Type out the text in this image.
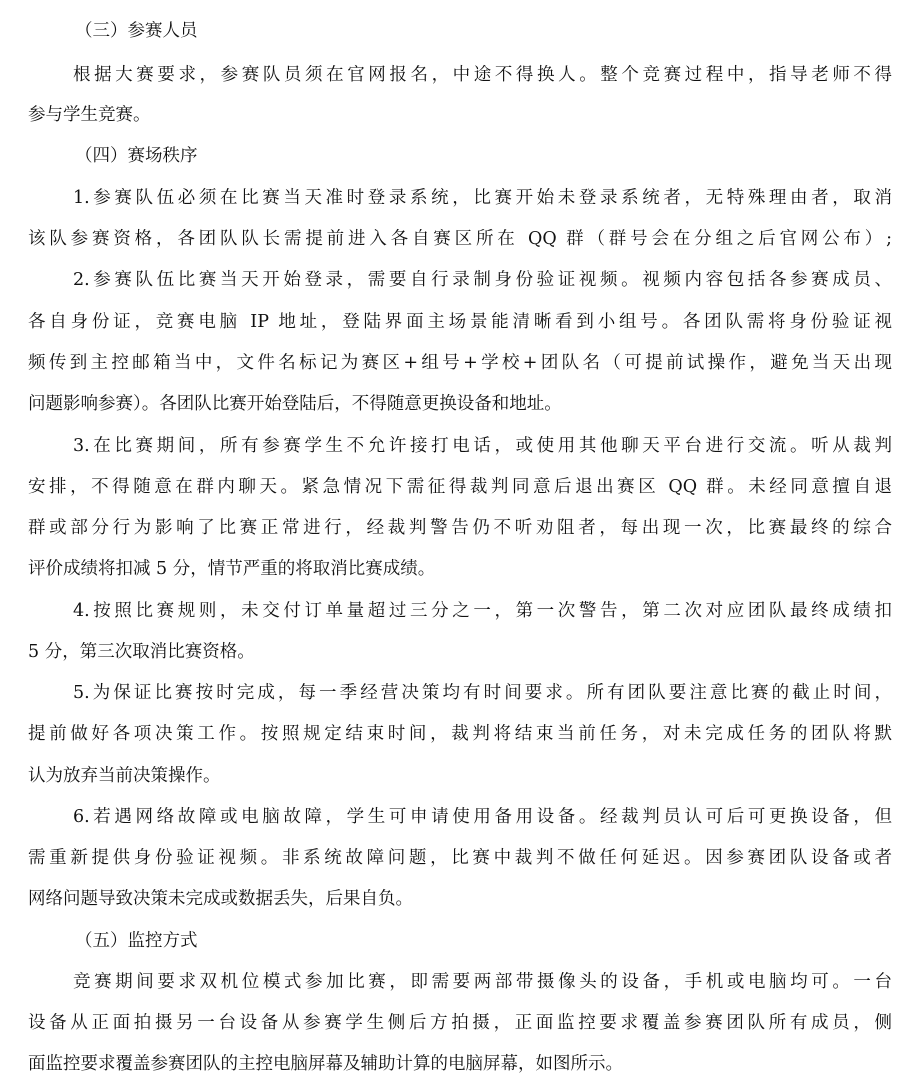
（三）参赛人员
根据大赛要求，参赛队员须在官网报名，中途不得换人。整个竞赛过程中，指导老师不得
参与学生竞赛。
（四）赛场秩序
1.参赛队伍必须在比赛当天准时登录系统，比赛开始未登录系统者，无特殊理由者，取消
该队参赛资格，各团队队长需提前进入各自赛区所在 QQ 群（群号会在分组之后官网公布）;
2.参赛队伍比赛当天开始登录，需要自行录制身份验证视频。视频内容包括各参赛成员、
各自身份证，竞赛电脑 IP 地址，登陆界面主场景能清晰看到小组号。各团队需将身份验证视
频传到主控邮箱当中，文件名标记为赛区+组号+学校+团队名（可提前试操作，避免当天出现
问题影响参赛）。各团队比赛开始登陆后，不得随意更换设备和地址。
3.在比赛期间，所有参赛学生不允许接打电话，或使用其他聊天平台进行交流。听从裁判
安排，不得随意在群内聊天。紧急情况下需征得裁判同意后退出赛区 QQ 群。未经同意擅自退
群或部分行为影响了比赛正常进行，经裁判警告仍不听劝阻者，每出现一次，比赛最终的综合
评价成绩将扣减 5 分，情节严重的将取消比赛成绩。
4.按照比赛规则，未交付订单量超过三分之一，第一次警告，第二次对应团队最终成绩扣
5 分，第三次取消比赛资格。
5.为保证比赛按时完成，每一季经营决策均有时间要求。所有团队要注意比赛的截止时间，
提前做好各项决策工作。按照规定结束时间，裁判将结束当前任务，对未完成任务的团队将默
认为放弃当前决策操作。
6.若遇网络故障或电脑故障，学生可申请使用备用设备。经裁判员认可后可更换设备，但
需重新提供身份验证视频。非系统故障问题，比赛中裁判不做任何延迟。因参赛团队设备或者
网络问题导致决策未完成或数据丢失，后果自负。
（五）监控方式
竞赛期间要求双机位模式参加比赛，即需要两部带摄像头的设备，手机或电脑均可。一台
设备从正面拍摄另一台设备从参赛学生侧后方拍摄，正面监控要求覆盖参赛团队所有成员，侧
面监控要求覆盖参赛团队的主控电脑屏幕及辅助计算的电脑屏幕，如图所示。
